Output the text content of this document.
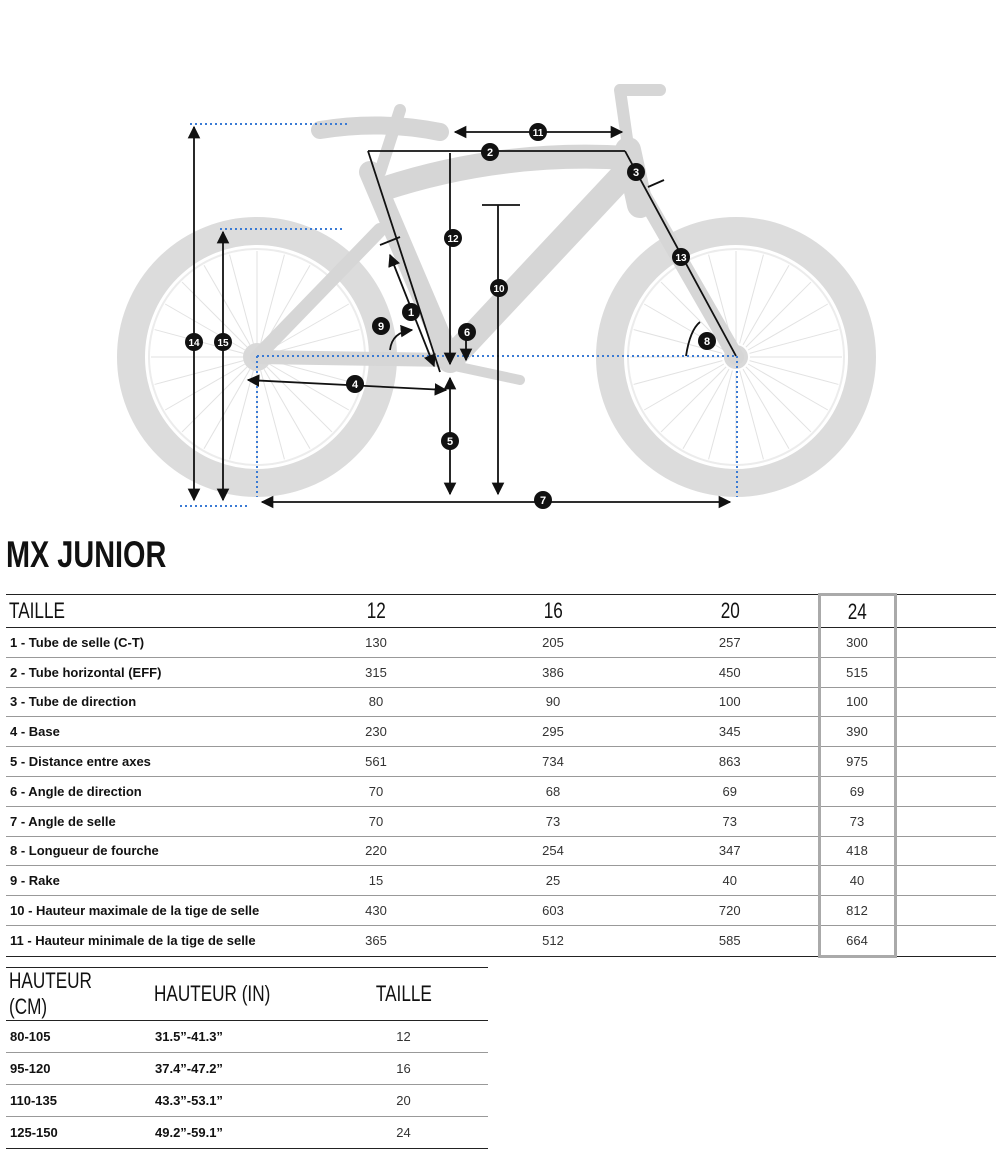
1
2
3
4
5
6
7
8
9
10
11
12
13
14 15
MX JUNIOR
TAILLE	12	16	20	24	
1 - Tube de selle (C-T)	130	205	257	300	
2 - Tube horizontal (EFF)	315	386	450	515	
3 - Tube de direction	80	90	100	100	
4 - Base	230	295	345	390	
5 - Distance entre axes	561	734	863	975	
6 - Angle de direction	70	68	69	69	
7 - Angle de selle	70	73	73	73	
8 - Longueur de fourche	220	254	347	418	
9 - Rake	15	25	40	40	
10 - Hauteur maximale de la tige de selle	430	603	720	812	
11 - Hauteur minimale de la tige de selle	365	512	585	664	
HAUTEUR (CM)	HAUTEUR (IN)	TAILLE
80-105	31.5”-41.3”	12
95-120	37.4”-47.2”	16
110-135	43.3”-53.1”	20
125-150	49.2”-59.1”	24
